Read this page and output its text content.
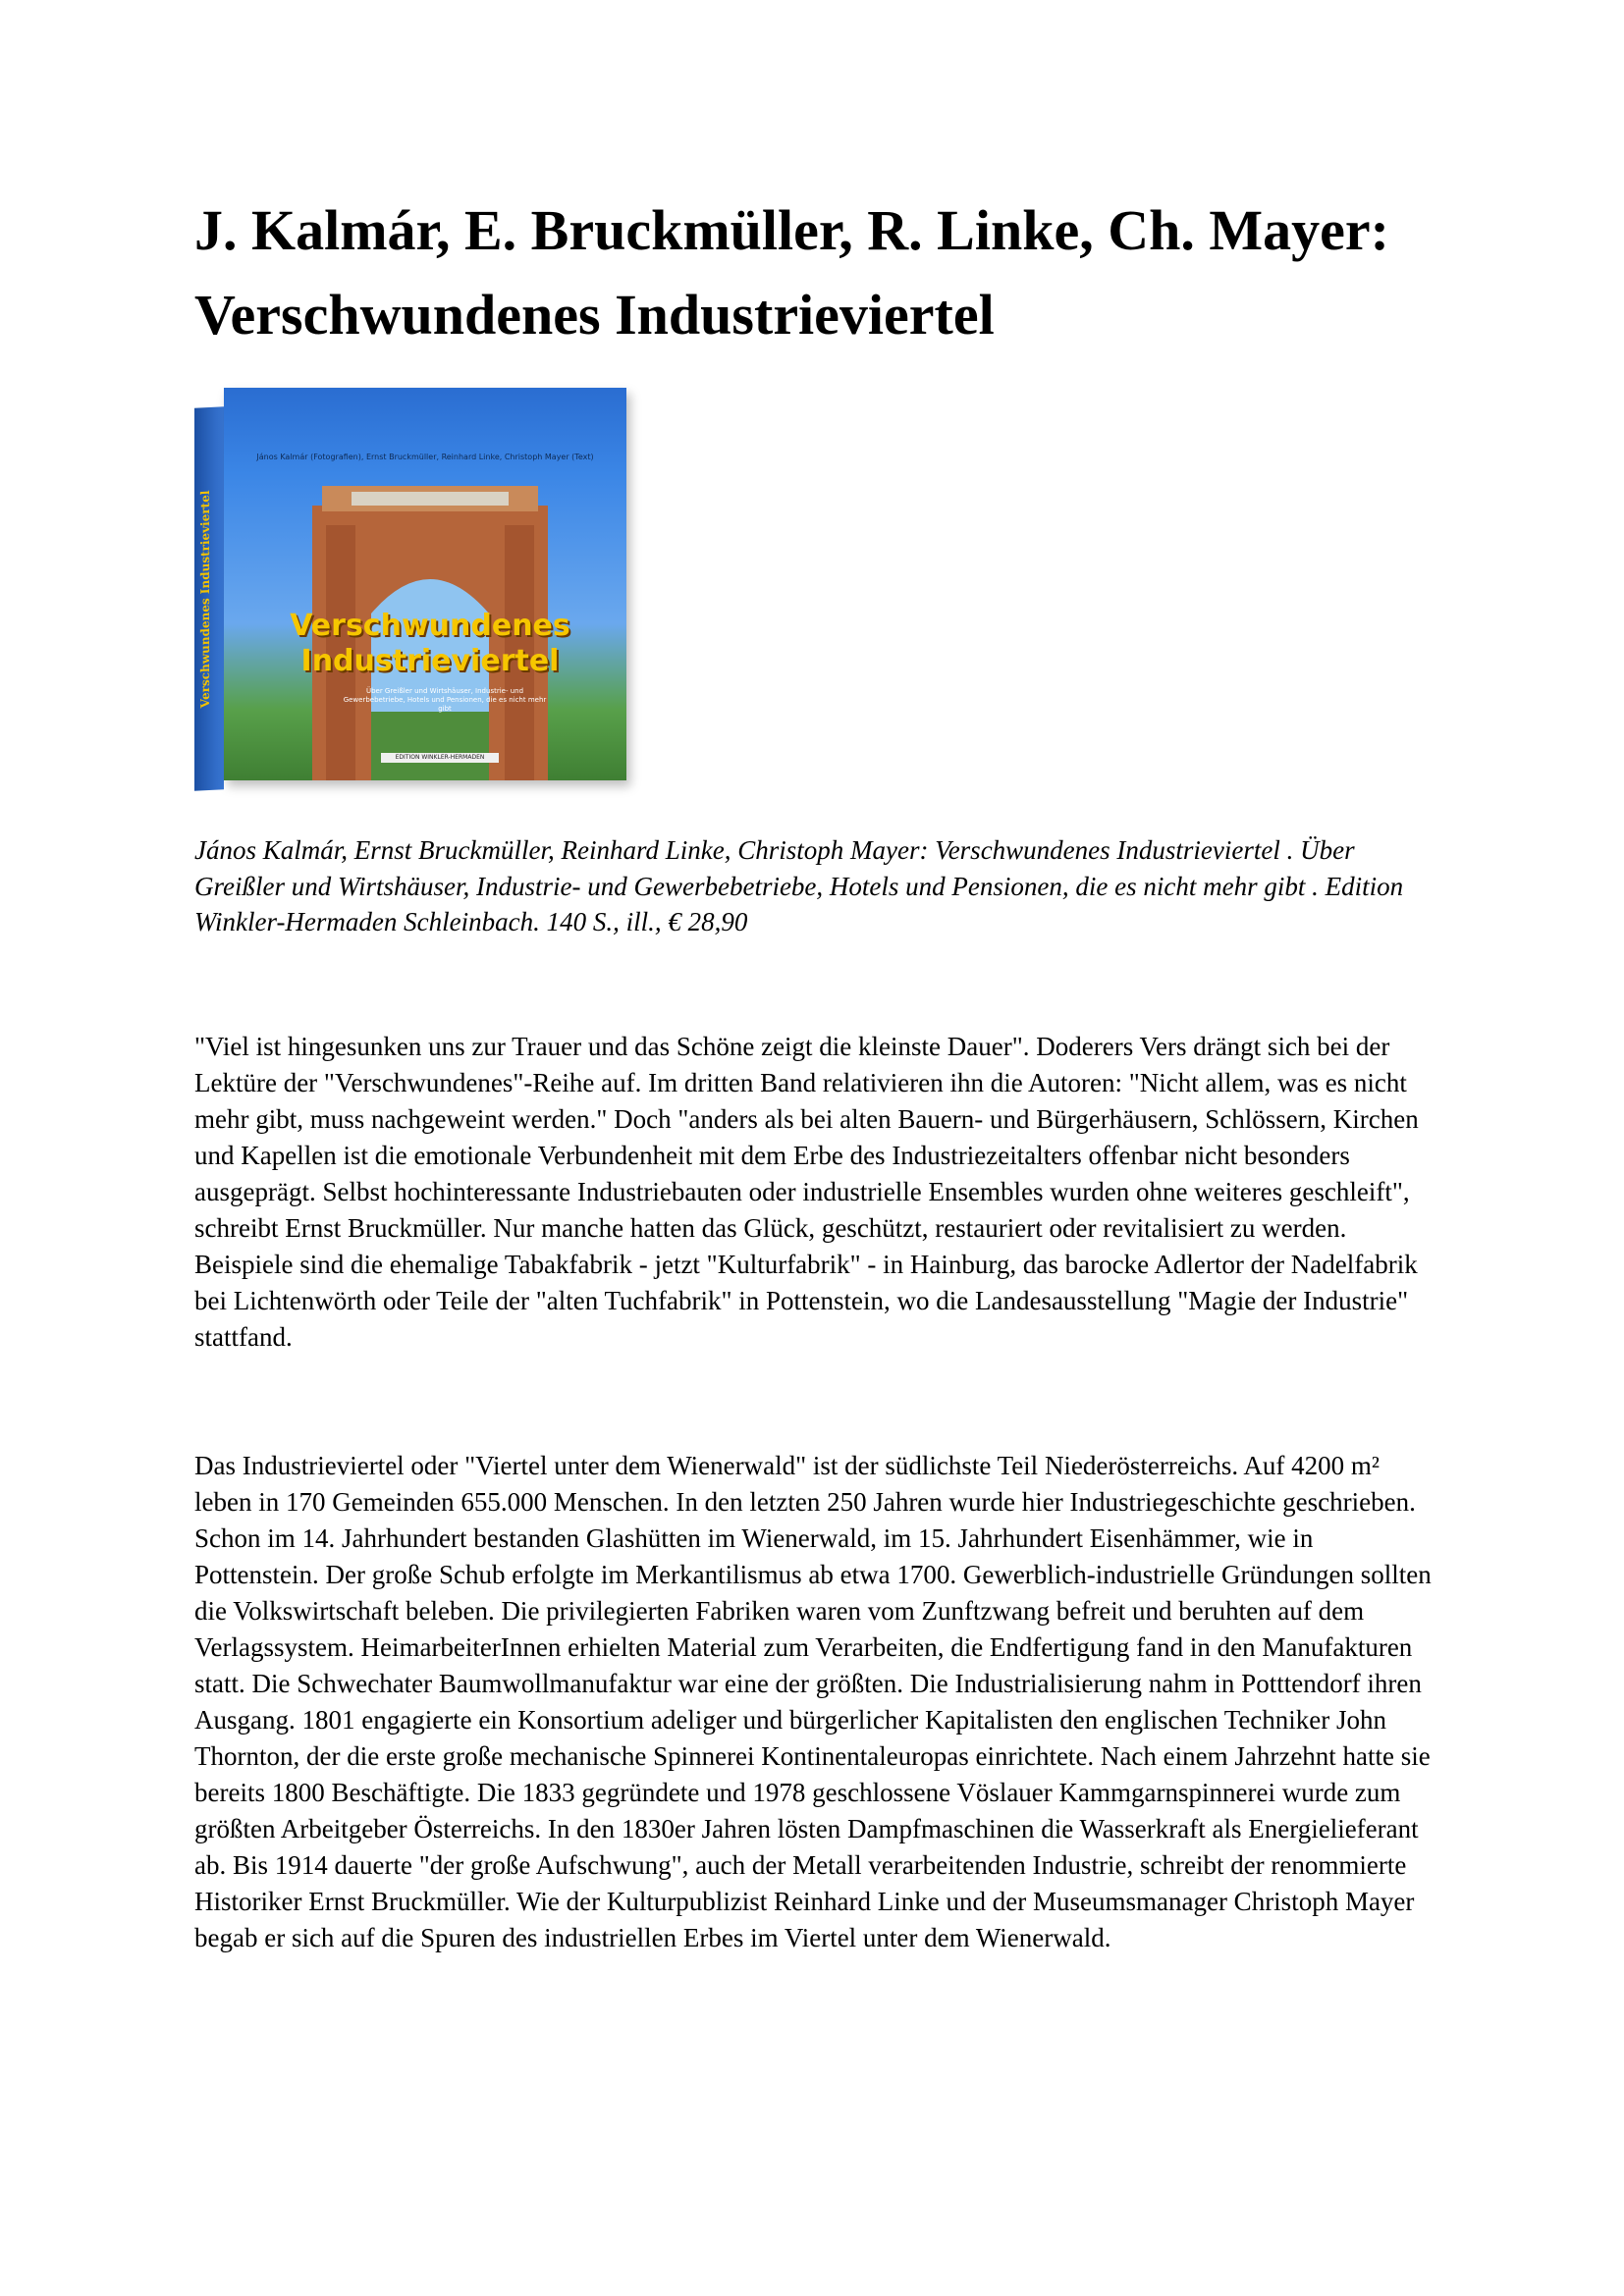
J. Kalmár, E. Bruckmüller, R. Linke, Ch. Mayer: Verschwundenes Industrieviertel
Verschwundenes Industrieviertel
János Kalmár (Fotografien), Ernst Bruckmüller, Reinhard Linke, Christoph Mayer (Text)
Verschwundenes
Industrieviertel
Über Greißler und Wirtshäuser, Industrie- und Gewerbebetriebe, Hotels und Pensionen, die es nicht mehr gibt
EDITION WINKLER-HERMADEN

János Kalmár, Ernst Bruckmüller, Reinhard Linke, Christoph Mayer: Verschwundenes Industrieviertel . Über Greißler und Wirtshäuser, Industrie- und Gewerbebetriebe, Hotels und Pensionen, die es nicht mehr gibt . Edition Winkler-Hermaden Schleinbach. 140 S., ill., € 28,90

"Viel ist hingesunken uns zur Trauer und das Schöne zeigt die kleinste Dauer". Doderers Vers drängt sich bei der Lektüre der "Verschwundenes"-Reihe auf. Im dritten Band relativieren ihn die Autoren: "Nicht allem, was es nicht mehr gibt, muss nachgeweint werden." Doch "anders als bei alten Bauern- und Bürgerhäusern, Schlössern, Kirchen und Kapellen ist die emotionale Verbundenheit mit dem Erbe des Industriezeitalters offenbar nicht besonders ausgeprägt. Selbst hochinteressante Industriebauten oder industrielle Ensembles wurden ohne weiteres geschleift", schreibt Ernst Bruckmüller. Nur manche hatten das Glück, geschützt, restauriert oder revitalisiert zu werden. Beispiele sind die ehemalige Tabakfabrik - jetzt "Kulturfabrik" - in Hainburg, das barocke Adlertor der Nadelfabrik bei Lichtenwörth oder Teile der "alten Tuchfabrik" in Pottenstein, wo die Landesausstellung "Magie der Industrie" stattfand.

Das Industrieviertel oder "Viertel unter dem Wienerwald" ist der südlichste Teil Niederösterreichs. Auf 4200 m² leben in 170 Gemeinden 655.000 Menschen. In den letzten 250 Jahren wurde hier Industriegeschichte geschrieben. Schon im 14. Jahrhundert bestanden Glashütten im Wienerwald, im 15. Jahrhundert Eisenhämmer, wie in Pottenstein. Der große Schub erfolgte im Merkantilismus ab etwa 1700. Gewerblich-industrielle Gründungen sollten die Volkswirtschaft beleben. Die privilegierten Fabriken waren vom Zunftzwang befreit und beruhten auf dem Verlagssystem. HeimarbeiterInnen erhielten Material zum Verarbeiten, die Endfertigung fand in den Manufakturen statt. Die Schwechater Baumwollmanufaktur war eine der größten. Die Industrialisierung nahm in Potttendorf ihren Ausgang. 1801 engagierte ein Konsortium adeliger und bürgerlicher Kapitalisten den englischen Techniker John Thornton, der die erste große mechanische Spinnerei Kontinentaleuropas einrichtete. Nach einem Jahrzehnt hatte sie bereits 1800 Beschäftigte. Die 1833 gegründete und 1978 geschlossene Vöslauer Kammgarnspinnerei wurde zum größten Arbeitgeber Österreichs. In den 1830er Jahren lösten Dampfmaschinen die Wasserkraft als Energielieferant ab. Bis 1914 dauerte "der große Aufschwung", auch der Metall verarbeitenden Industrie, schreibt der renommierte Historiker Ernst Bruckmüller. Wie der Kulturpublizist Reinhard Linke und der Museumsmanager Christoph Mayer begab er sich auf die Spuren des industriellen Erbes im Viertel unter dem Wienerwald.
